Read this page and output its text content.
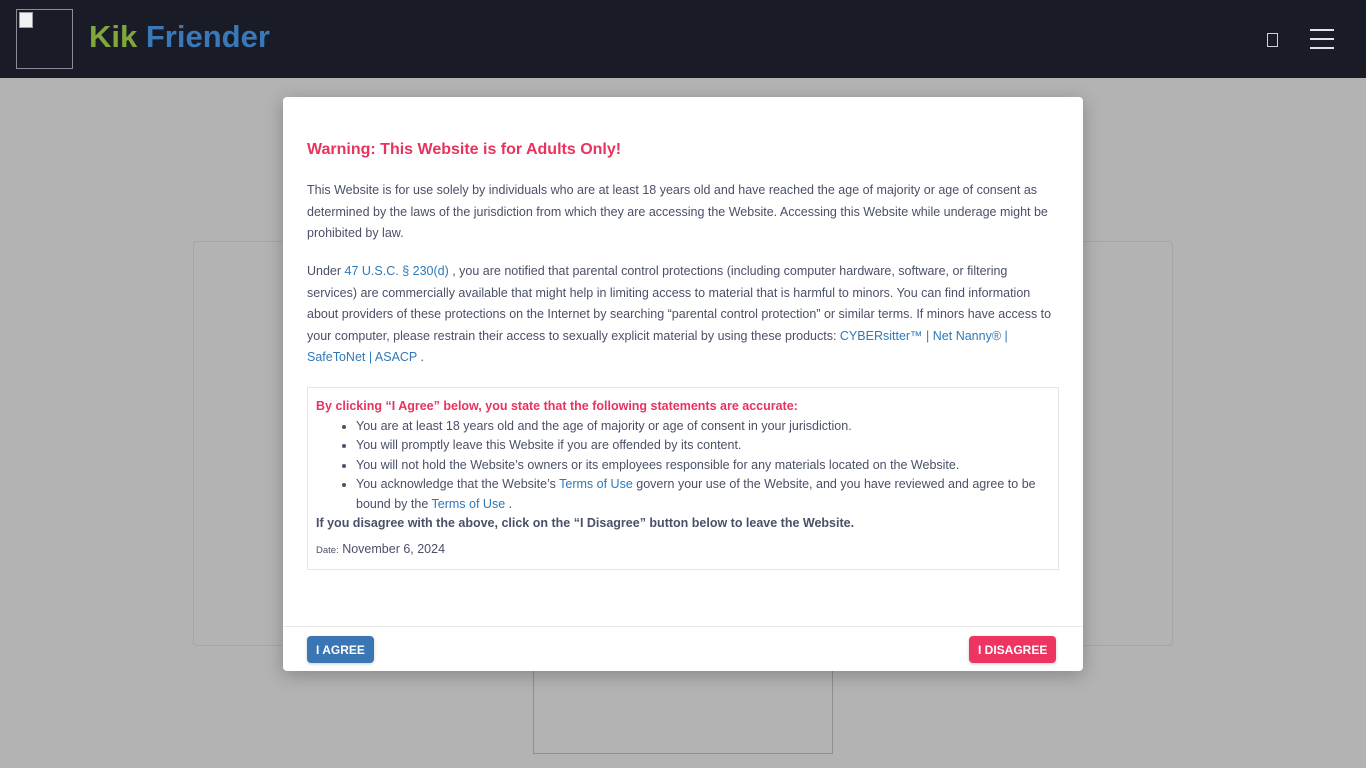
Kik Friender
Warning: This Website is for Adults Only!

This Website is for use solely by individuals who are at least 18 years old and have reached the age of majority or age of consent as determined by the laws of the jurisdiction from which they are accessing the Website. Accessing this Website while underage might be prohibited by law.

Under 47 U.S.C. § 230(d) , you are notified that parental control protections (including computer hardware, software, or filtering services) are commercially available that might help in limiting access to material that is harmful to minors. You can find information about providers of these protections on the Internet by searching “parental control protection” or similar terms. If minors have access to your computer, please restrain their access to sexually explicit material by using these products: CYBERsitter™ | Net Nanny® | SafeToNet | ASACP .

By clicking “I Agree” below, you state that the following statements are accurate:
• You are at least 18 years old and the age of majority or age of consent in your jurisdiction.
• You will promptly leave this Website if you are offended by its content.
• You will not hold the Website’s owners or its employees responsible for any materials located on the Website.
• You acknowledge that the Website’s Terms of Use govern your use of the Website, and you have reviewed and agree to be bound by the Terms of Use .
If you disagree with the above, click on the “I Disagree” button below to leave the Website.
Date: November 6, 2024
I AGREE	I DISAGREE
